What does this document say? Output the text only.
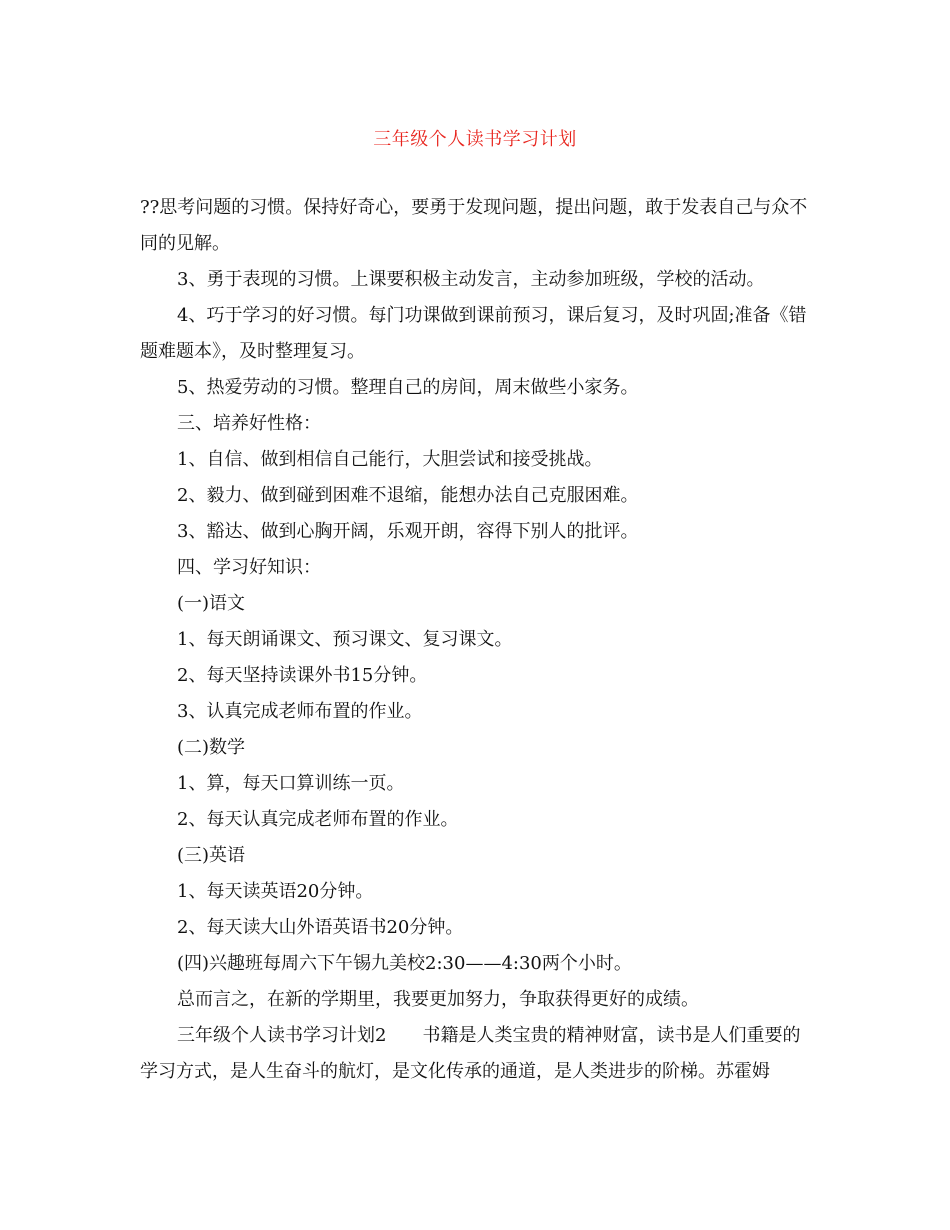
三年级个人读书学习计划

??思考问题的习惯。保持好奇心，要勇于发现问题，提出问题，敢于发表自己与众不同的见解。

3、勇于表现的习惯。上课要积极主动发言，主动参加班级，学校的活动。

4、巧于学习的好习惯。每门功课做到课前预习，课后复习，及时巩固;准备《错题难题本》，及时整理复习。

5、热爱劳动的习惯。整理自己的房间，周末做些小家务。

三、培养好性格：

1、自信、做到相信自己能行，大胆尝试和接受挑战。

2、毅力、做到碰到困难不退缩，能想办法自己克服困难。

3、豁达、做到心胸开阔，乐观开朗，容得下别人的批评。

四、学习好知识：

(一)语文

1、每天朗诵课文、预习课文、复习课文。

2、每天坚持读课外书15分钟。

3、认真完成老师布置的作业。

(二)数学

1、算，每天口算训练一页。

2、每天认真完成老师布置的作业。

(三)英语

1、每天读英语20分钟。

2、每天读大山外语英语书20分钟。

(四)兴趣班每周六下午锡九美校2:30——4:30两个小时。

总而言之，在新的学期里，我要更加努力，争取获得更好的成绩。

三年级个人读书学习计划2 书籍是人类宝贵的精神财富，读书是人们重要的学习方式，是人生奋斗的航灯，是文化传承的通道，是人类进步的阶梯。苏霍姆
